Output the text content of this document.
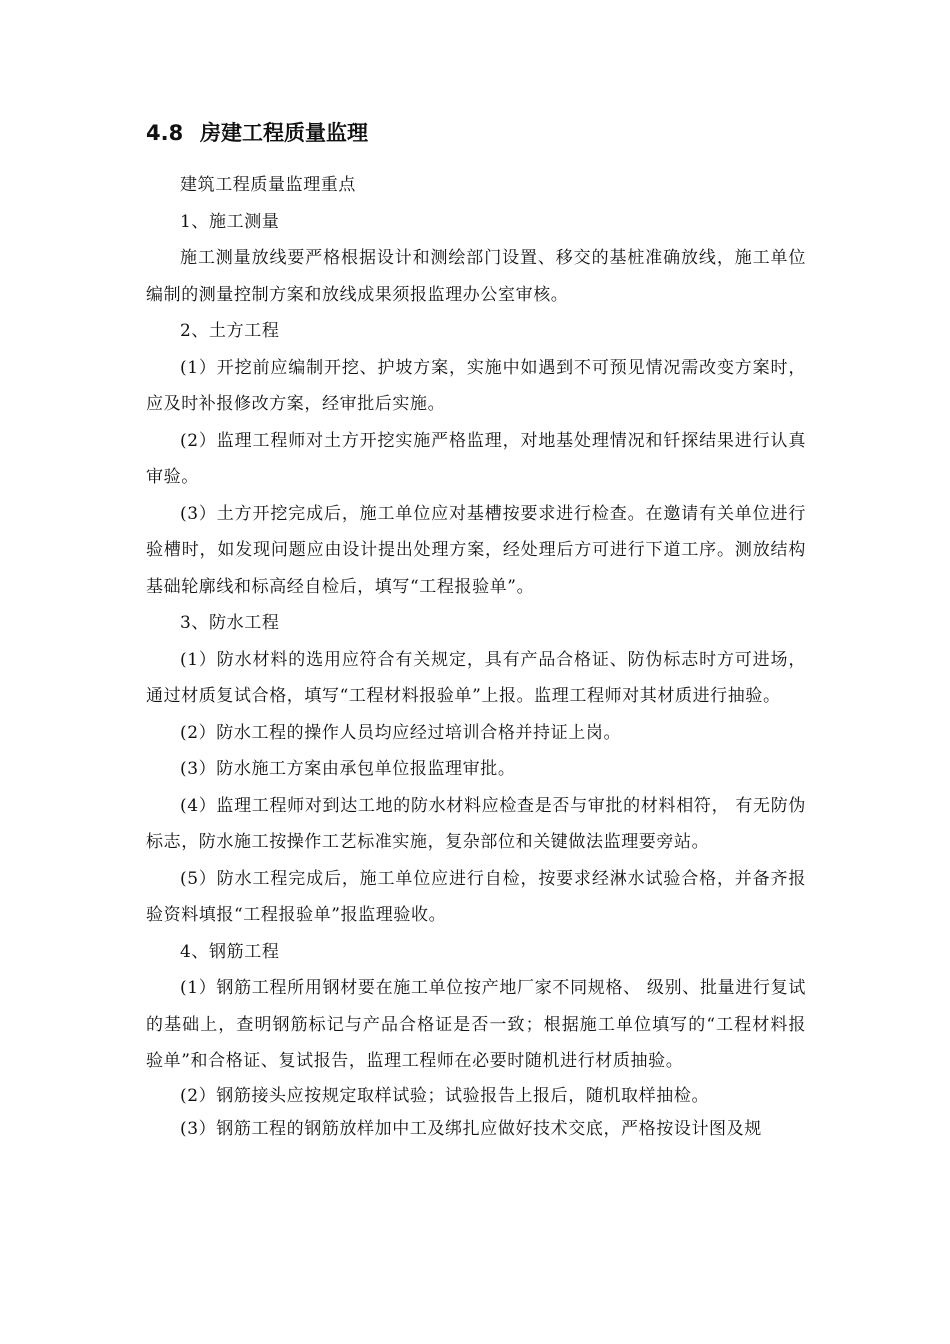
4.8 房建工程质量监理

建筑工程质量监理重点

1、施工测量

施工测量放线要严格根据设计和测绘部门设置、移交的基桩准确放线，施工单位编制的测量控制方案和放线成果须报监理办公室审核。

2、土方工程

(1）开挖前应编制开挖、护坡方案，实施中如遇到不可预见情况需改变方案时，应及时补报修改方案，经审批后实施。

(2）监理工程师对土方开挖实施严格监理，对地基处理情况和钎探结果进行认真审验。

(3）土方开挖完成后，施工单位应对基槽按要求进行检查。在邀请有关单位进行验槽时，如发现问题应由设计提出处理方案，经处理后方可进行下道工序。测放结构基础轮廓线和标高经自检后，填写“工程报验单”。

3、防水工程

(1）防水材料的选用应符合有关规定，具有产品合格证、防伪标志时方可进场，通过材质复试合格，填写“工程材料报验单”上报。监理工程师对其材质进行抽验。

(2）防水工程的操作人员均应经过培训合格并持证上岗。

(3）防水施工方案由承包单位报监理审批。

(4）监理工程师对到达工地的防水材料应检查是否与审批的材料相符， 有无防伪标志，防水施工按操作工艺标准实施，复杂部位和关键做法监理要旁站。

(5）防水工程完成后，施工单位应进行自检，按要求经淋水试验合格，并备齐报验资料填报“工程报验单”报监理验收。

4、钢筋工程

(1）钢筋工程所用钢材要在施工单位按产地厂家不同规格、 级别、批量进行复试的基础上，查明钢筋标记与产品合格证是否一致；根据施工单位填写的“工程材料报验单”和合格证、复试报告，监理工程师在必要时随机进行材质抽验。

(2）钢筋接头应按规定取样试验；试验报告上报后，随机取样抽检。

(3）钢筋工程的钢筋放样加中工及绑扎应做好技术交底，严格按设计图及规
